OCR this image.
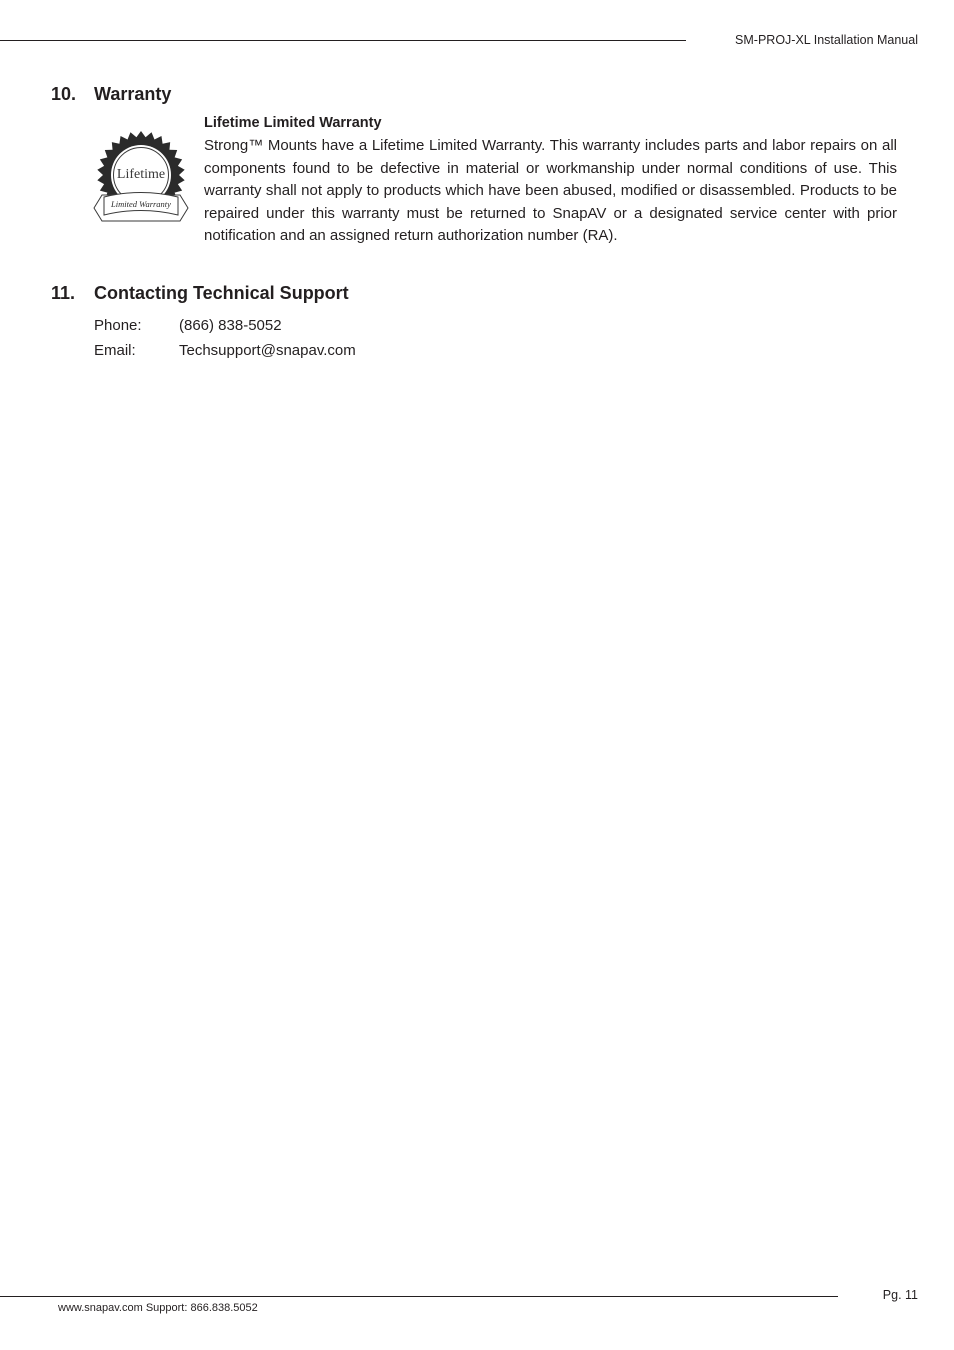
SM-PROJ-XL Installation Manual
10. Warranty
Lifetime
Limited Warranty
Lifetime Limited Warranty

Strong™ Mounts have a Lifetime Limited Warranty. This warranty includes parts and labor repairs on all components found to be defective in material or workmanship under normal conditions of use. This warranty shall not apply to products which have been abused, modified or disassembled. Products to be repaired under this warranty must be returned to SnapAV or a designated service center with prior notification and an assigned return authorization number (RA).

11.	Contacting Technical Support
Phone:	(866) 838-5052
Email:	Techsupport@snapav.com
Pg. 11
www.snapav.com Support: 866.838.5052
